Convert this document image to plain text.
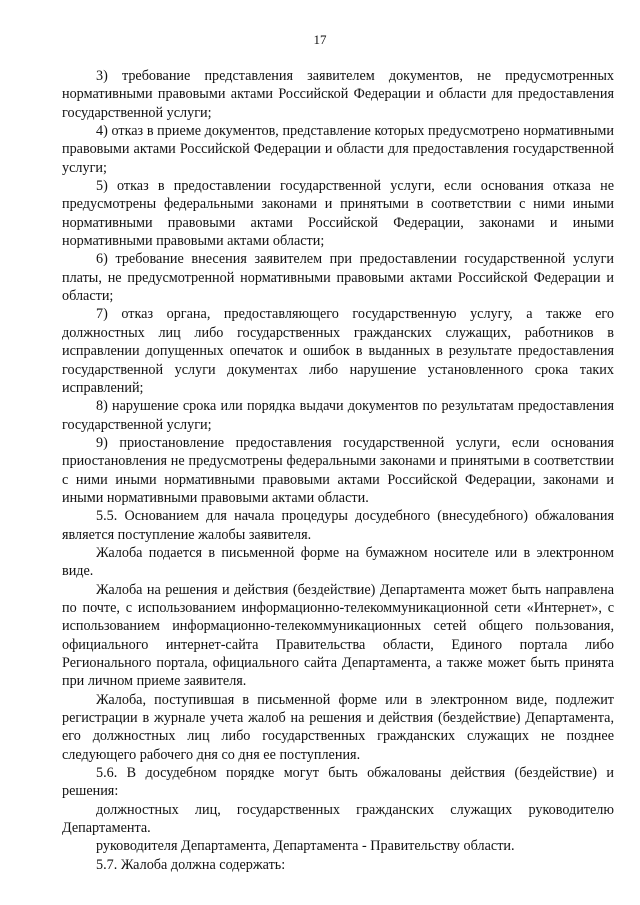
17

3) требование представления заявителем документов, не предусмотренных нормативными правовыми актами Российской Федерации и области для предоставления государственной услуги;

4) отказ в приеме документов, представление которых предусмотрено нормативными правовыми актами Российской Федерации и области для предоставления государственной услуги;

5) отказ в предоставлении государственной услуги, если основания отказа не предусмотрены федеральными законами и принятыми в соответствии с ними иными нормативными правовыми актами Российской Федерации, законами и иными нормативными правовыми актами области;

6) требование внесения заявителем при предоставлении государственной услуги платы, не предусмотренной нормативными правовыми актами Российской Федерации и области;

7) отказ органа, предоставляющего государственную услугу, а также его должностных лиц либо государственных гражданских служащих, работников в исправлении допущенных опечаток и ошибок в выданных в результате предоставления государственной услуги документах либо нарушение установленного срока таких исправлений;

8) нарушение срока или порядка выдачи документов по результатам предоставления государственной услуги;

9) приостановление предоставления государственной услуги, если основания приостановления не предусмотрены федеральными законами и принятыми в соответствии с ними иными нормативными правовыми актами Российской Федерации, законами и иными нормативными правовыми актами области.

5.5. Основанием для начала процедуры досудебного (внесудебного) обжалования является поступление жалобы заявителя.

Жалоба подается в письменной форме на бумажном носителе или в электронном виде.

Жалоба на решения и действия (бездействие) Департамента может быть направлена по почте, с использованием информационно-телекоммуникационной сети «Интернет», с использованием информационно-телекоммуникационных сетей общего пользования, официального интернет-сайта Правительства области, Единого портала либо Регионального портала, официального сайта Департамента, а также может быть принята при личном приеме заявителя.

Жалоба, поступившая в письменной форме или в электронном виде, подлежит регистрации в журнале учета жалоб на решения и действия (бездействие) Департамента, его должностных лиц либо государственных гражданских служащих не позднее следующего рабочего дня со дня ее поступления.

5.6. В досудебном порядке могут быть обжалованы действия (бездействие) и решения:

должностных лиц, государственных гражданских служащих руководителю Департамента.

руководителя Департамента, Департамента - Правительству области.

5.7. Жалоба должна содержать:
